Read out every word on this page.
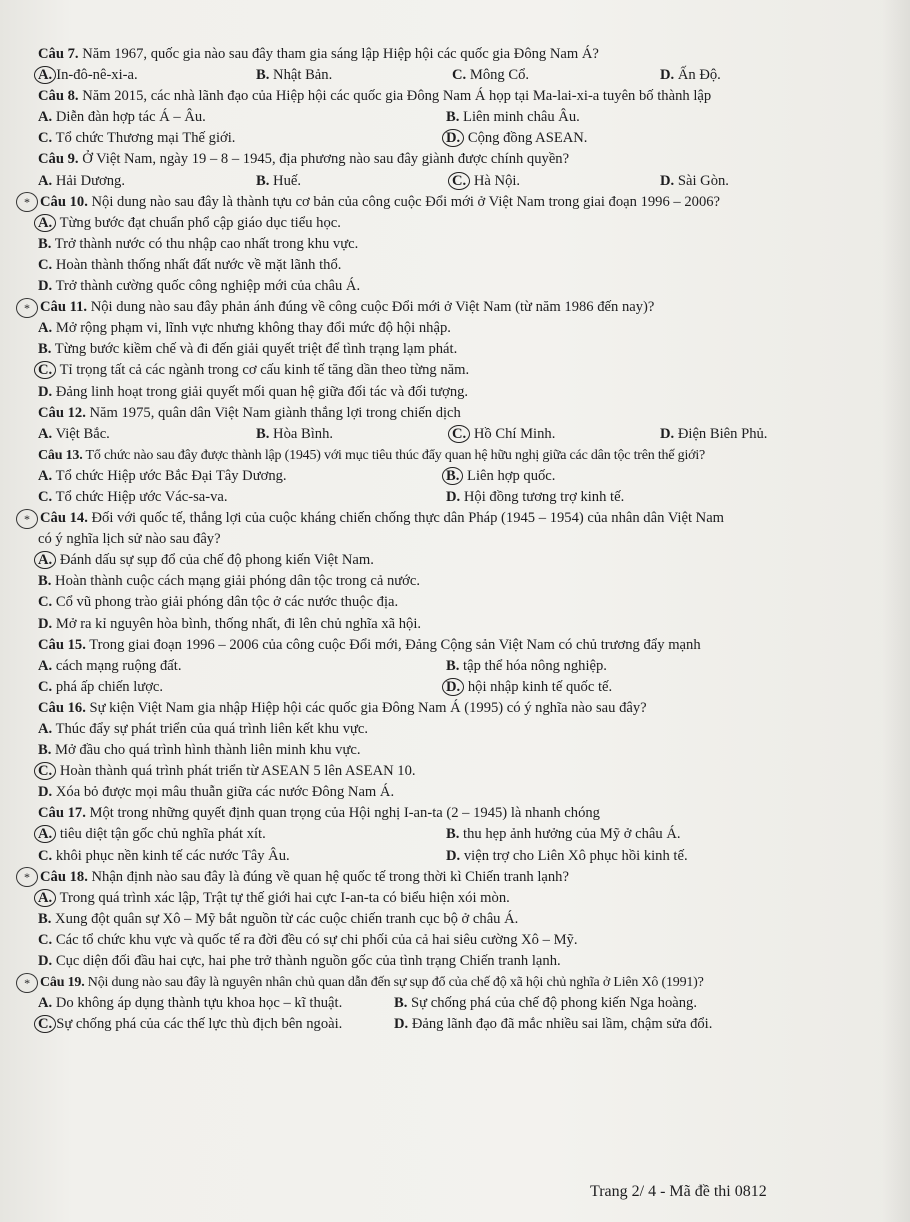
Câu 7. Năm 1967, quốc gia nào sau đây tham gia sáng lập Hiệp hội các quốc gia Đông Nam Á?
A. In-đô-nê-xi-a.	B. Nhật Bản.	C. Mông Cổ.	D. Ấn Độ.
Câu 8. Năm 2015, các nhà lãnh đạo của Hiệp hội các quốc gia Đông Nam Á họp tại Ma-lai-xi-a tuyên bố thành lập
A. Diễn đàn hợp tác Á – Âu.	B. Liên minh châu Âu.
C. Tổ chức Thương mại Thế giới.	D. Cộng đồng ASEAN.
Câu 9. Ở Việt Nam, ngày 19 – 8 – 1945, địa phương nào sau đây giành được chính quyền?
A. Hải Dương.	B. Huế.	C. Hà Nội.	D. Sài Gòn.
* Câu 10. Nội dung nào sau đây là thành tựu cơ bản của công cuộc Đổi mới ở Việt Nam trong giai đoạn 1996 – 2006?
A. Từng bước đạt chuẩn phổ cập giáo dục tiểu học.
B. Trở thành nước có thu nhập cao nhất trong khu vực.
C. Hoàn thành thống nhất đất nước về mặt lãnh thổ.
D. Trở thành cường quốc công nghiệp mới của châu Á.
* Câu 11. Nội dung nào sau đây phản ánh đúng về công cuộc Đổi mới ở Việt Nam (từ năm 1986 đến nay)?
A. Mở rộng phạm vi, lĩnh vực nhưng không thay đổi mức độ hội nhập.
B. Từng bước kiềm chế và đi đến giải quyết triệt để tình trạng lạm phát.
C. Tỉ trọng tất cả các ngành trong cơ cấu kinh tế tăng dần theo từng năm.
D. Đảng linh hoạt trong giải quyết mối quan hệ giữa đối tác và đối tượng.
Câu 12. Năm 1975, quân dân Việt Nam giành thắng lợi trong chiến dịch
A. Việt Bắc.	B. Hòa Bình.	C. Hồ Chí Minh.	D. Điện Biên Phủ.
Câu 13. Tổ chức nào sau đây được thành lập (1945) với mục tiêu thúc đẩy quan hệ hữu nghị giữa các dân tộc trên thế giới?
A. Tổ chức Hiệp ước Bắc Đại Tây Dương.	B. Liên hợp quốc.
C. Tổ chức Hiệp ước Vác-sa-va.	D. Hội đồng tương trợ kinh tế.
* Câu 14. Đối với quốc tế, thắng lợi của cuộc kháng chiến chống thực dân Pháp (1945 – 1954) của nhân dân Việt Nam
có ý nghĩa lịch sử nào sau đây?
A. Đánh dấu sự sụp đổ của chế độ phong kiến Việt Nam.
B. Hoàn thành cuộc cách mạng giải phóng dân tộc trong cả nước.
C. Cổ vũ phong trào giải phóng dân tộc ở các nước thuộc địa.
D. Mở ra kỉ nguyên hòa bình, thống nhất, đi lên chủ nghĩa xã hội.
Câu 15. Trong giai đoạn 1996 – 2006 của công cuộc Đổi mới, Đảng Cộng sản Việt Nam có chủ trương đẩy mạnh
A. cách mạng ruộng đất.	B. tập thể hóa nông nghiệp.
C. phá ấp chiến lược.	D. hội nhập kinh tế quốc tế.
Câu 16. Sự kiện Việt Nam gia nhập Hiệp hội các quốc gia Đông Nam Á (1995) có ý nghĩa nào sau đây?
A. Thúc đẩy sự phát triển của quá trình liên kết khu vực.
B. Mở đầu cho quá trình hình thành liên minh khu vực.
C. Hoàn thành quá trình phát triển từ ASEAN 5 lên ASEAN 10.
D. Xóa bỏ được mọi mâu thuẫn giữa các nước Đông Nam Á.
Câu 17. Một trong những quyết định quan trọng của Hội nghị I-an-ta (2 – 1945) là nhanh chóng
A. tiêu diệt tận gốc chủ nghĩa phát xít.	B. thu hẹp ảnh hưởng của Mỹ ở châu Á.
C. khôi phục nền kinh tế các nước Tây Âu.	D. viện trợ cho Liên Xô phục hồi kinh tế.
* Câu 18. Nhận định nào sau đây là đúng về quan hệ quốc tế trong thời kì Chiến tranh lạnh?
A. Trong quá trình xác lập, Trật tự thế giới hai cực I-an-ta có biểu hiện xói mòn.
B. Xung đột quân sự Xô – Mỹ bắt nguồn từ các cuộc chiến tranh cục bộ ở châu Á.
C. Các tổ chức khu vực và quốc tế ra đời đều có sự chi phối của cả hai siêu cường Xô – Mỹ.
D. Cục diện đối đầu hai cực, hai phe trở thành nguồn gốc của tình trạng Chiến tranh lạnh.
* Câu 19. Nội dung nào sau đây là nguyên nhân chủ quan dẫn đến sự sụp đổ của chế độ xã hội chủ nghĩa ở Liên Xô (1991)?
A. Do không áp dụng thành tựu khoa học – kĩ thuật.	B. Sự chống phá của chế độ phong kiến Nga hoàng.
C. Sự chống phá của các thế lực thù địch bên ngoài.	D. Đảng lãnh đạo đã mắc nhiều sai lầm, chậm sửa đổi.
Trang 2/ 4 - Mã đề thi 0812
